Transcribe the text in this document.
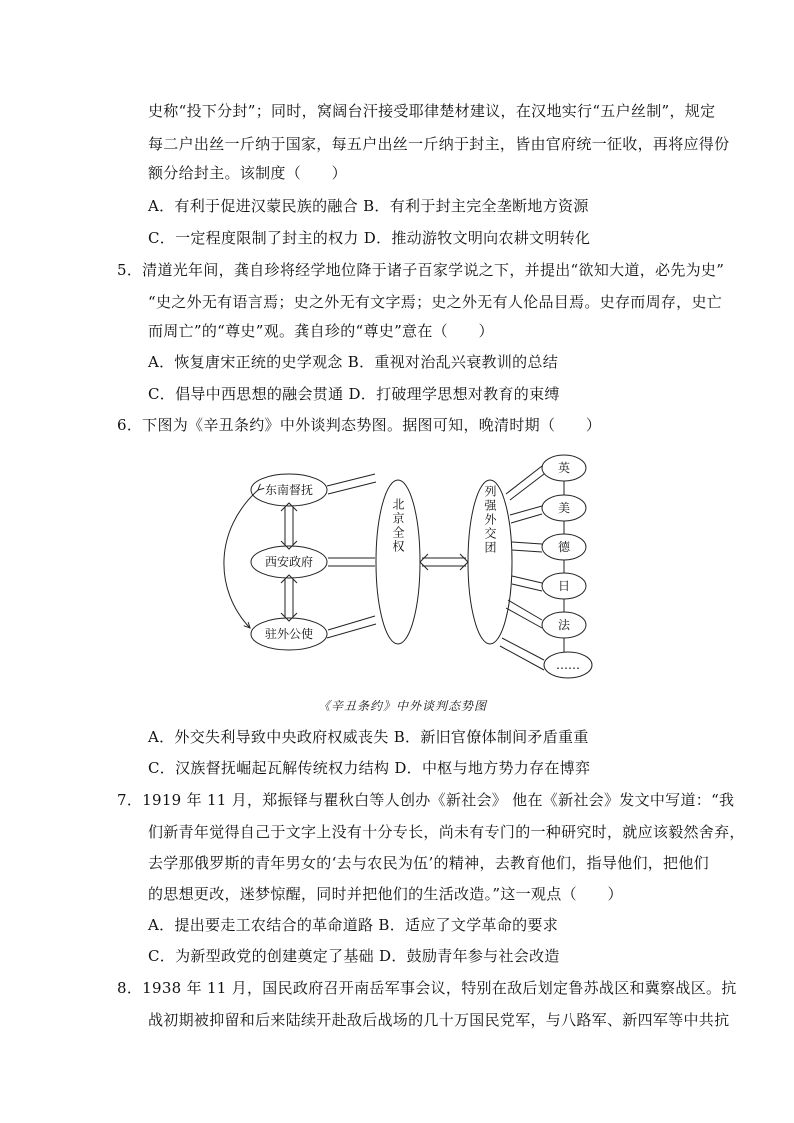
史称“投下分封”；同时，窝阔台汗接受耶律楚材建议，在汉地实行“五户丝制”，规定
每二户出丝一斤纳于国家，每五户出丝一斤纳于封主，皆由官府统一征收，再将应得份
额分给封主。该制度（　　）
A．有利于促进汉蒙民族的融合 B．有利于封主完全垄断地方资源
C．一定程度限制了封主的权力 D．推动游牧文明向农耕文明转化
5．清道光年间，龚自珍将经学地位降于诸子百家学说之下，并提出“欲知大道，必先为史”
“史之外无有语言焉；史之外无有文字焉；史之外无有人伦品目焉。史存而周存，史亡
而周亡”的“尊史”观。龚自珍的“尊史”意在（　　）
A．恢复唐宋正统的史学观念 B．重视对治乱兴衰教训的总结
C．倡导中西思想的融会贯通 D．打破理学思想对教育的束缚
6．下图为《辛丑条约》中外谈判态势图。据图可知，晚清时期（　　）
东南督抚
西安政府
驻外公使
英
美
德
日
法
……
北京全权	列强外交团
《辛丑条约》中外谈判态势图
A．外交失利导致中央政府权威丧失 B．新旧官僚体制间矛盾重重
C．汉族督抚崛起瓦解传统权力结构 D．中枢与地方势力存在博弈
7．1919 年 11 月，郑振铎与瞿秋白等人创办《新社会》 他在《新社会》发文中写道：“我
们新青年觉得自己于文字上没有十分专长，尚未有专门的一种研究时，就应该毅然舍弃，
去学那俄罗斯的青年男女的‘去与农民为伍’的精神，去教育他们，指导他们，把他们
的思想更改，迷梦惊醒，同时并把他们的生活改造。”这一观点（　　）
A．提出要走工农结合的革命道路 B．适应了文学革命的要求
C．为新型政党的创建奠定了基础 D．鼓励青年参与社会改造
8．1938 年 11 月，国民政府召开南岳军事会议，特别在敌后划定鲁苏战区和冀察战区。抗
战初期被抑留和后来陆续开赴敌后战场的几十万国民党军，与八路军、新四军等中共抗
